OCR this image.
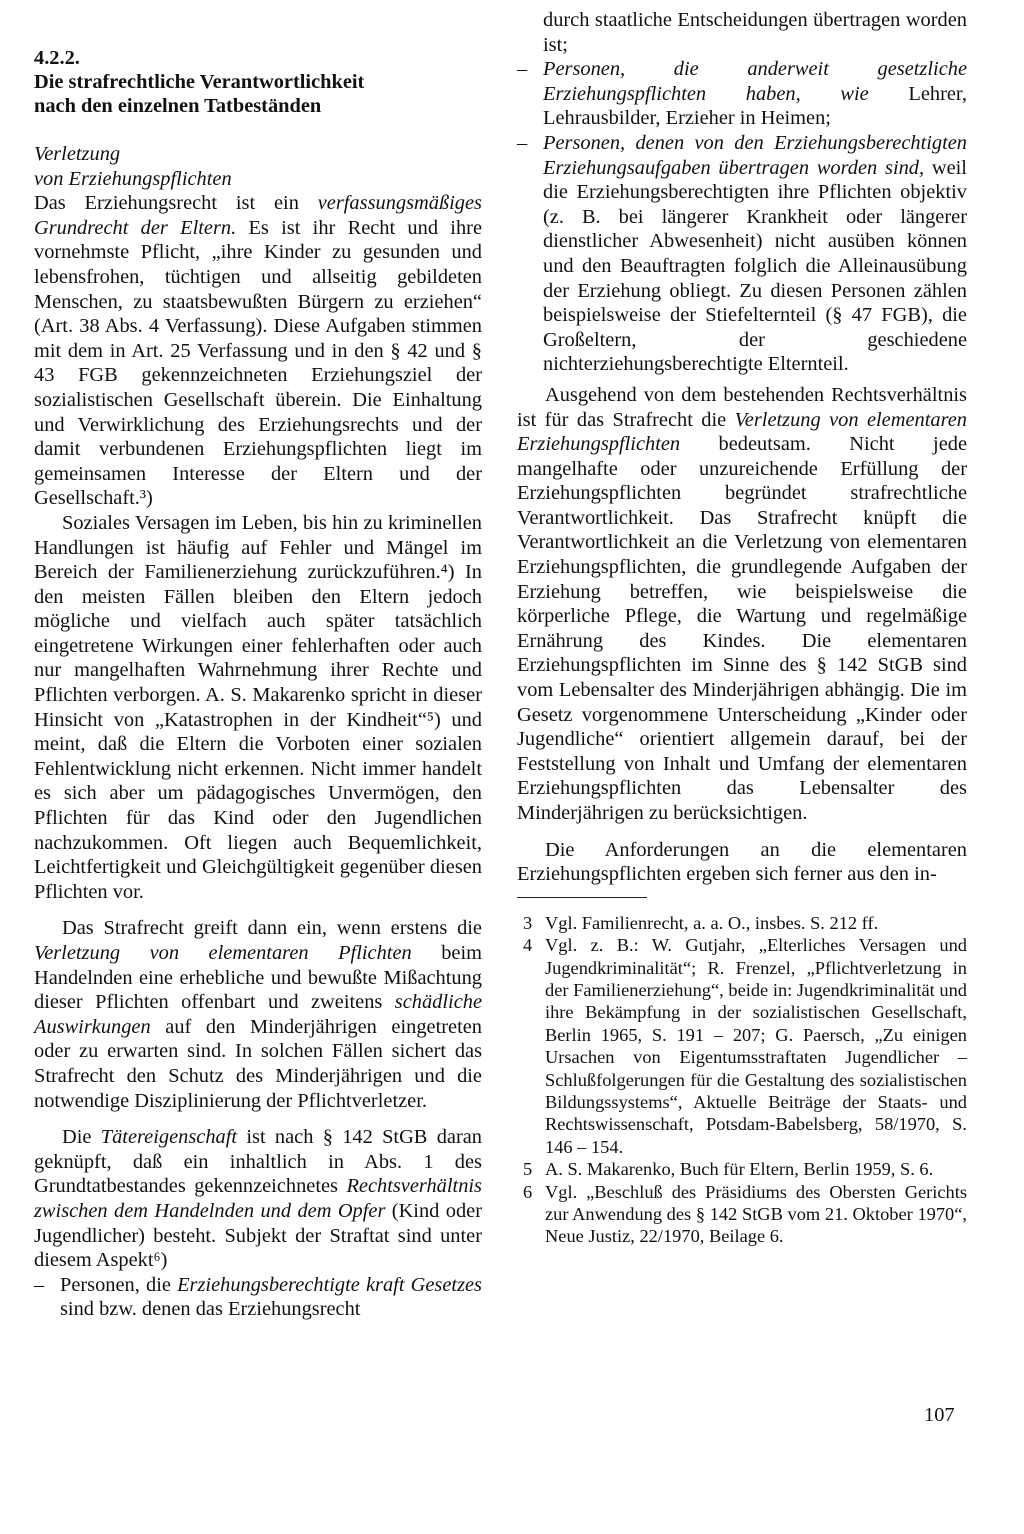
4.2.2.

Die strafrechtliche Verantwortlichkeit

nach den einzelnen Tatbeständen

Verletzung

von Erziehungspflichten

Das Erziehungsrecht ist ein verfassungsmäßiges Grundrecht der Eltern. Es ist ihr Recht und ihre vornehmste Pflicht, „ihre Kinder zu gesunden und lebensfrohen, tüchtigen und allseitig gebildeten Menschen, zu staatsbewußten Bürgern zu erziehen“ (Art. 38 Abs. 4 Verfassung). Diese Aufgaben stimmen mit dem in Art. 25 Verfassung und in den § 42 und § 43 FGB gekennzeichneten Erziehungsziel der sozialistischen Gesellschaft überein. Die Einhaltung und Verwirklichung des Erziehungsrechts und der damit verbundenen Erziehungspflichten liegt im gemeinsamen Interesse der Eltern und der Gesellschaft.³)

Soziales Versagen im Leben, bis hin zu kriminellen Handlungen ist häufig auf Fehler und Mängel im Bereich der Familienerziehung zurückzuführen.⁴) In den meisten Fällen bleiben den Eltern jedoch mögliche und vielfach auch später tatsächlich eingetretene Wirkungen einer fehlerhaften oder auch nur mangelhaften Wahrnehmung ihrer Rechte und Pflichten verborgen. A. S. Makarenko spricht in dieser Hinsicht von „Katastrophen in der Kindheit“⁵) und meint, daß die Eltern die Vorboten einer sozialen Fehlentwicklung nicht erkennen. Nicht immer handelt es sich aber um pädagogisches Unvermögen, den Pflichten für das Kind oder den Jugendlichen nachzukommen. Oft liegen auch Bequemlichkeit, Leichtfertigkeit und Gleichgültigkeit gegenüber diesen Pflichten vor.

Das Strafrecht greift dann ein, wenn erstens die Verletzung von elementaren Pflichten beim Handelnden eine erhebliche und bewußte Mißachtung dieser Pflichten offenbart und zweitens schädliche Auswirkungen auf den Minderjährigen eingetreten oder zu erwarten sind. In solchen Fällen sichert das Strafrecht den Schutz des Minderjährigen und die notwendige Disziplinierung der Pflichtverletzer.

Die Tätereigenschaft ist nach § 142 StGB daran geknüpft, daß ein inhaltlich in Abs. 1 des Grundtatbestandes gekennzeichnetes Rechtsverhältnis zwischen dem Handelnden und dem Opfer (Kind oder Jugendlicher) besteht. Subjekt der Straftat sind unter diesem Aspekt⁶)

– Personen, die Erziehungsberechtigte kraft Gesetzes sind bzw. denen das Erziehungsrecht

durch staatliche Entscheidungen übertragen worden ist;

– Personen, die anderweit gesetzliche Erziehungspflichten haben, wie Lehrer, Lehrausbilder, Erzieher in Heimen;
– Personen, denen von den Erziehungsberechtigten Erziehungsaufgaben übertragen worden sind, weil die Erziehungsberechtigten ihre Pflichten objektiv (z. B. bei längerer Krankheit oder längerer dienstlicher Abwesenheit) nicht ausüben können und den Beauftragten folglich die Alleinausübung der Erziehung obliegt. Zu diesen Personen zählen beispielsweise der Stiefelternteil (§ 47 FGB), die Großeltern, der geschiedene nichterziehungsberechtigte Elternteil.

Ausgehend von dem bestehenden Rechtsverhältnis ist für das Strafrecht die Verletzung von elementaren Erziehungspflichten bedeutsam. Nicht jede mangelhafte oder unzureichende Erfüllung der Erziehungspflichten begründet strafrechtliche Verantwortlichkeit. Das Strafrecht knüpft die Verantwortlichkeit an die Verletzung von elementaren Erziehungspflichten, die grundlegende Aufgaben der Erziehung betreffen, wie beispielsweise die körperliche Pflege, die Wartung und regelmäßige Ernährung des Kindes. Die elementaren Erziehungspflichten im Sinne des § 142 StGB sind vom Lebensalter des Minderjährigen abhängig. Die im Gesetz vorgenommene Unterscheidung „Kinder oder Jugendliche“ orientiert allgemein darauf, bei der Feststellung von Inhalt und Umfang der elementaren Erziehungspflichten das Lebensalter des Minderjährigen zu berücksichtigen.

Die Anforderungen an die elementaren Erziehungspflichten ergeben sich ferner aus den in-

3 Vgl. Familienrecht, a. a. O., insbes. S. 212 ff.
4 Vgl. z. B.: W. Gutjahr, „Elterliches Versagen und Jugendkriminalität“; R. Frenzel, „Pflichtverletzung in der Familienerziehung“, beide in: Jugendkriminalität und ihre Bekämpfung in der sozialistischen Gesellschaft, Berlin 1965, S. 191 – 207; G. Paersch, „Zu einigen Ursachen von Eigentumsstraftaten Jugendlicher – Schlußfolgerungen für die Gestaltung des sozialistischen Bildungssystems“, Aktuelle Beiträge der Staats- und Rechtswissenschaft, Potsdam-Babelsberg, 58/1970, S. 146 – 154.
5 A. S. Makarenko, Buch für Eltern, Berlin 1959, S. 6.
6 Vgl. „Beschluß des Präsidiums des Obersten Gerichts zur Anwendung des § 142 StGB vom 21. Oktober 1970“, Neue Justiz, 22/1970, Beilage 6.
107
